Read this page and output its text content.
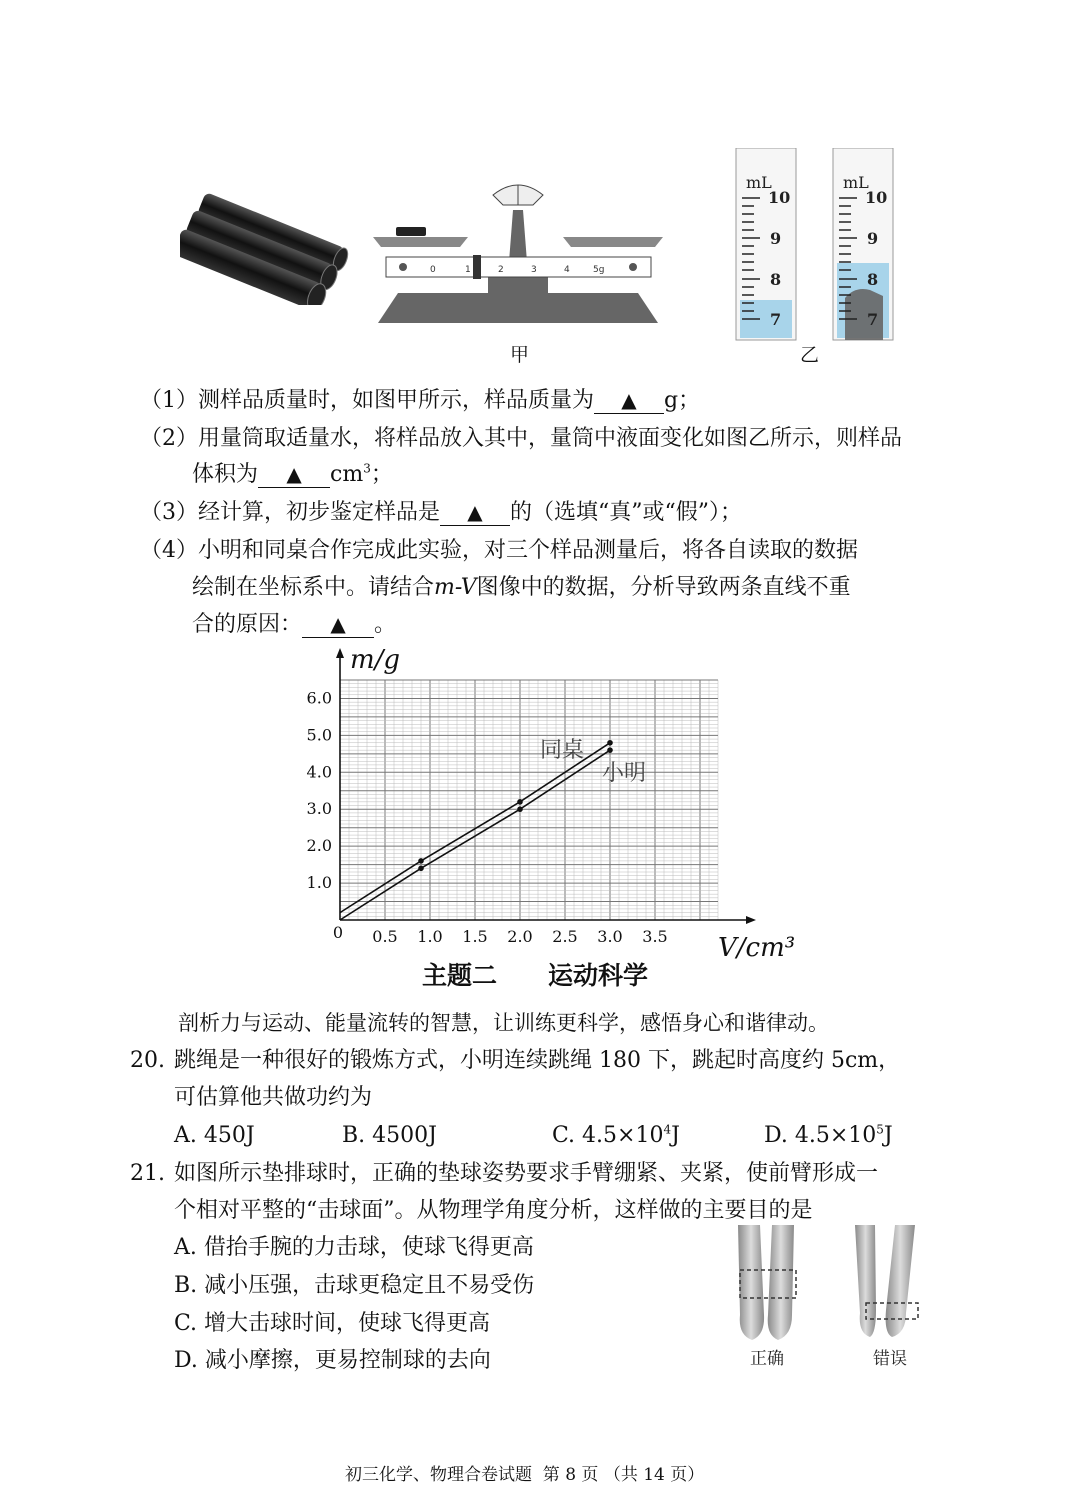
0	1	2	3	4	5g
甲
mL
10
9
8
7
mL
10
9
8
7
乙
（1）测样品质量时，如图甲所示，样品质量为 ▲ g；
（2）用量筒取适量水，将样品放入其中，量筒中液面变化如图乙所示，则样品
体积为 ▲ $cm^3$；
（3）经计算，初步鉴定样品是 ▲ 的（选填“真”或“假”）；
（4）小明和同桌合作完成此实验，对三个样品测量后，将各自读取的数据
绘制在坐标系中。请结合m-V图像中的数据，分析导致两条直线不重
合的原因： ▲ 。
0.5 1.0 1.5 2.0 2.5 3.0 3.5
1.0
2.0
3.0
4.0
5.0
6.0
0
m/g
V/cm³
同桌
小明
主题二 运动科学
剖析力与运动、能量流转的智慧，让训练更科学，感悟身心和谐律动。
20. 跳绳是一种很好的锻炼方式，小明连续跳绳 180 下，跳起时高度约 5cm，
可估算他共做功约为
A. 450J	B. 4500J	C. $4.5\times 10^4J$	D. $4.5\times 10^5J$
21. 如图所示垫排球时，正确的垫球姿势要求手臂绷紧、夹紧，使前臂形成一
个相对平整的“击球面”。从物理学角度分析，这样做的主要目的是
A. 借抬手腕的力击球，使球飞得更高
B. 减小压强，击球更稳定且不易受伤
C. 增大击球时间，使球飞得更高
D. 减小摩擦，更易控制球的去向	正确	错误
初三化学、物理合卷试题  第 8 页 （共 14 页）
